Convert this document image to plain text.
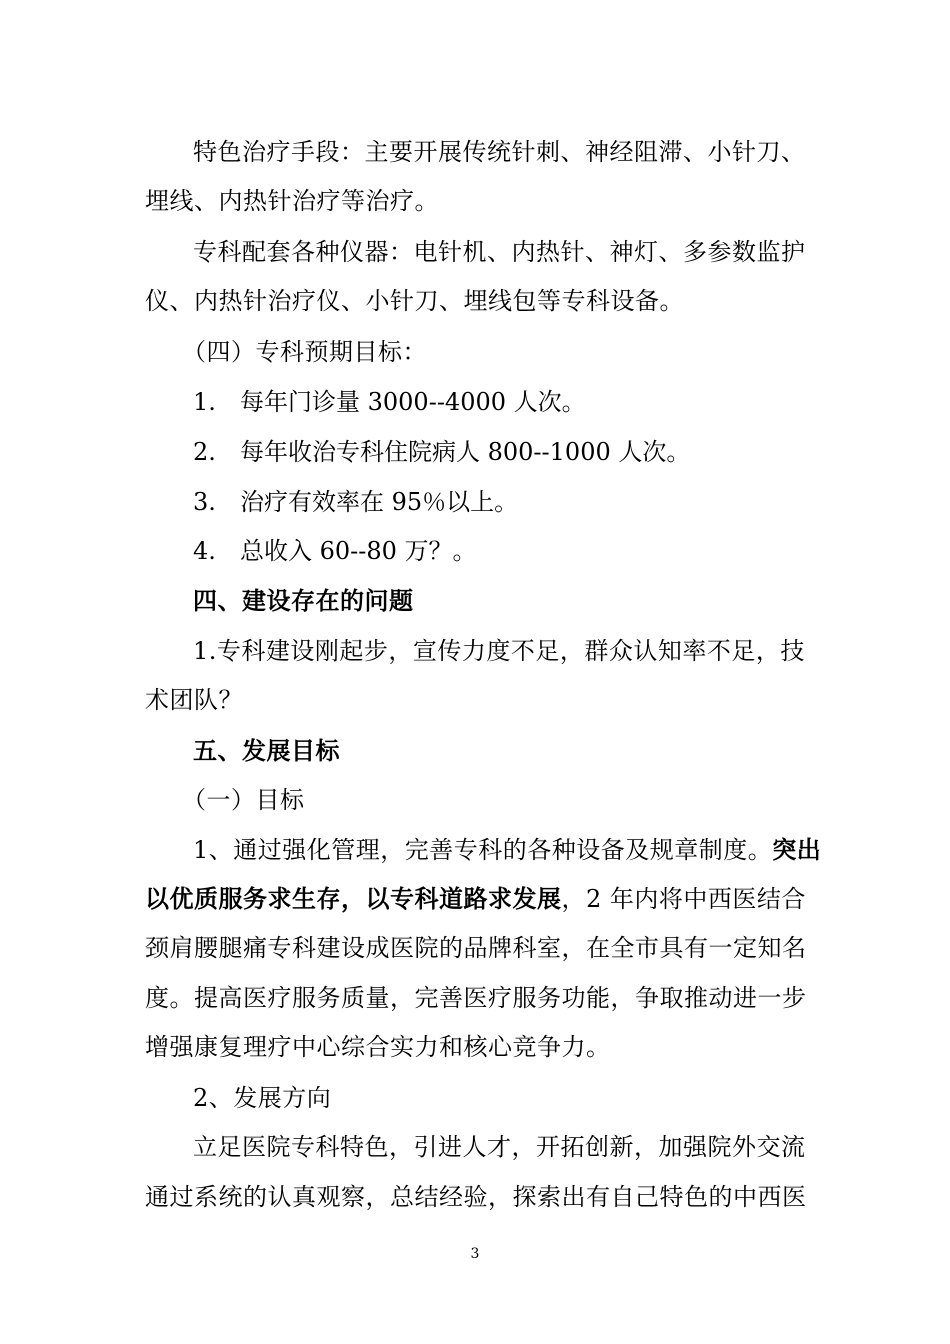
特色治疗手段：主要开展传统针刺、神经阻滞、小针刀、
埋线、内热针治疗等治疗。
专科配套各种仪器：电针机、内热针、神灯、多参数监护
仪、内热针治疗仪、小针刀、埋线包等专科设备。
（四）专科预期目标：
1. 每年门诊量 3000--4000 人次。
2. 每年收治专科住院病人 800--1000 人次。
3. 治疗有效率在 95％以上。
4. 总收入 60--80 万？。
四、建设存在的问题
1.专科建设刚起步，宣传力度不足，群众认知率不足，技
术团队？
五、发展目标
（一）目标
1、通过强化管理，完善专科的各种设备及规章制度。突出
以优质服务求生存，以专科道路求发展，2 年内将中西医结合
颈肩腰腿痛专科建设成医院的品牌科室，在全市具有一定知名
度。提高医疗服务质量，完善医疗服务功能，争取推动进一步
增强康复理疗中心综合实力和核心竞争力。
2、发展方向
立足医院专科特色，引进人才，开拓创新，加强院外交流
通过系统的认真观察，总结经验，探索出有自己特色的中西医
3
